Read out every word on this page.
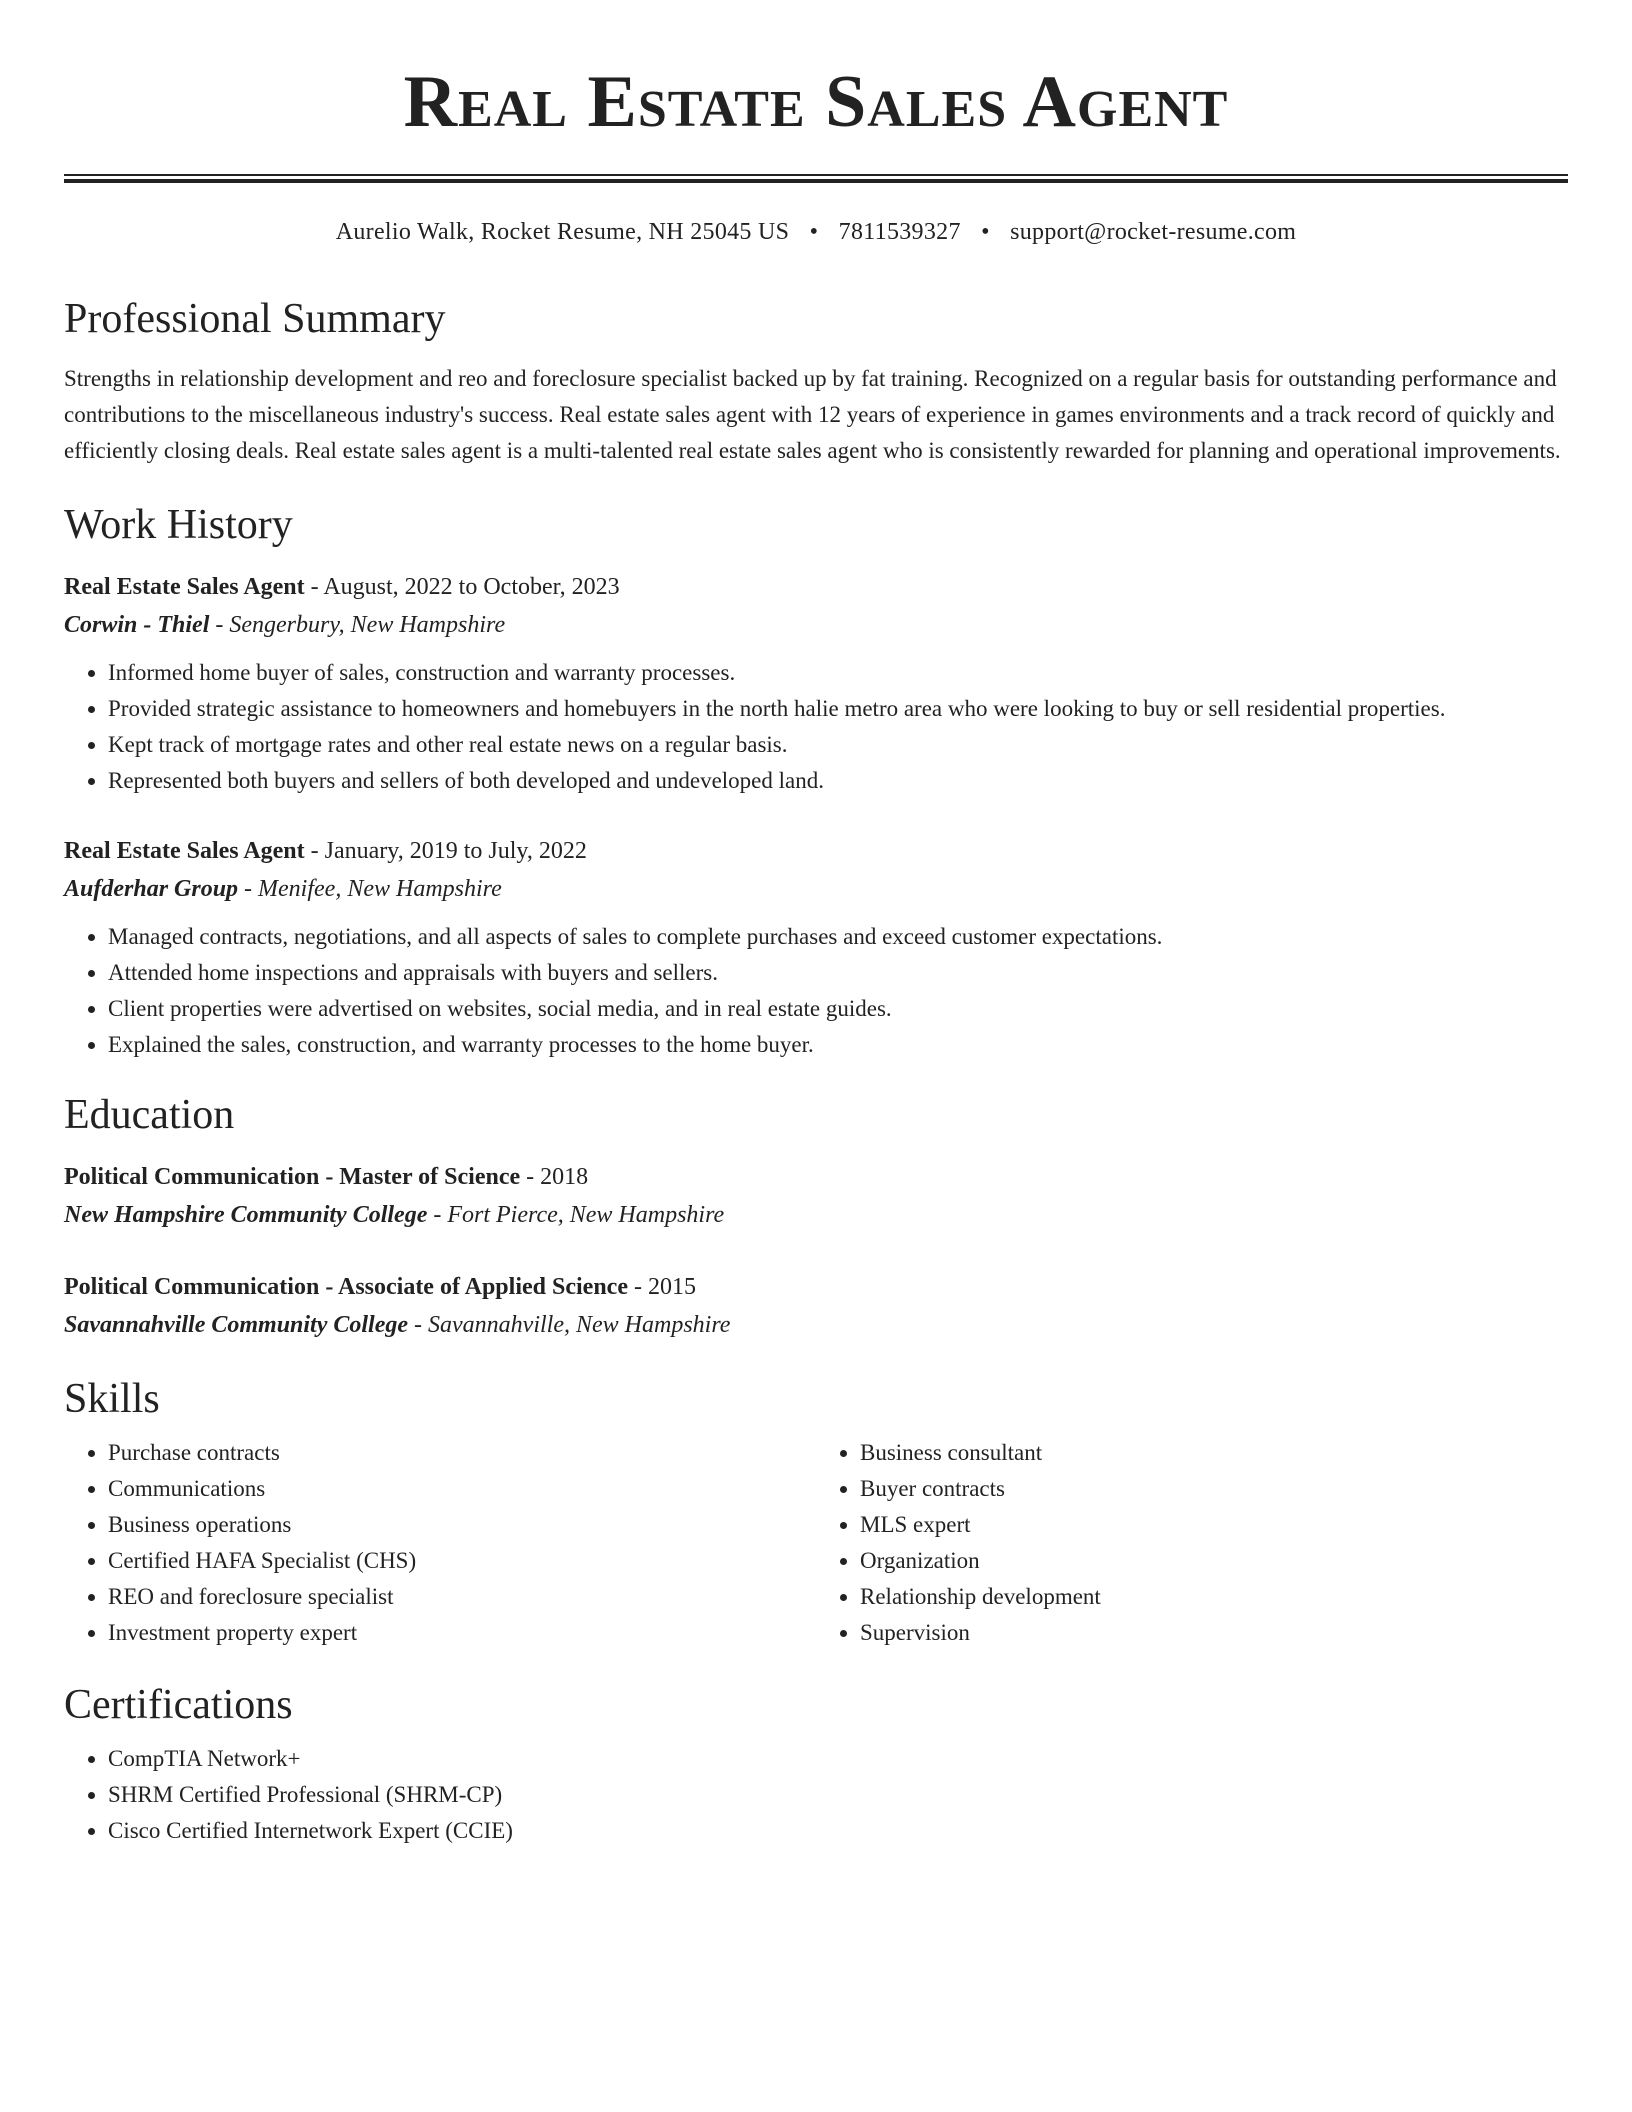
Real Estate Sales Agent
Aurelio Walk, Rocket Resume, NH 25045 US • 7811539327 • support@rocket-resume.com
Professional Summary

Strengths in relationship development and reo and foreclosure specialist backed up by fat training. Recognized on a regular basis for outstanding performance and contributions to the miscellaneous industry's success. Real estate sales agent with 12 years of experience in games environments and a track record of quickly and efficiently closing deals. Real estate sales agent is a multi-talented real estate sales agent who is consistently rewarded for planning and operational improvements.

Work History
Real Estate Sales Agent - August, 2022 to October, 2023
Corwin - Thiel - Sengerbury, New Hampshire
• Informed home buyer of sales, construction and warranty processes.
• Provided strategic assistance to homeowners and homebuyers in the north halie metro area who were looking to buy or sell residential properties.
• Kept track of mortgage rates and other real estate news on a regular basis.
• Represented both buyers and sellers of both developed and undeveloped land.
Real Estate Sales Agent - January, 2019 to July, 2022
Aufderhar Group - Menifee, New Hampshire
• Managed contracts, negotiations, and all aspects of sales to complete purchases and exceed customer expectations.
• Attended home inspections and appraisals with buyers and sellers.
• Client properties were advertised on websites, social media, and in real estate guides.
• Explained the sales, construction, and warranty processes to the home buyer.
Education
Political Communication - Master of Science - 2018
New Hampshire Community College - Fort Pierce, New Hampshire
Political Communication - Associate of Applied Science - 2015
Savannahville Community College - Savannahville, New Hampshire
Skills
• Purchase contracts
• Communications
• Business operations
• Certified HAFA Specialist (CHS)
• REO and foreclosure specialist
• Investment property expert
• Business consultant
• Buyer contracts
• MLS expert
• Organization
• Relationship development
• Supervision
Certifications
• CompTIA Network+
• SHRM Certified Professional (SHRM-CP)
• Cisco Certified Internetwork Expert (CCIE)
